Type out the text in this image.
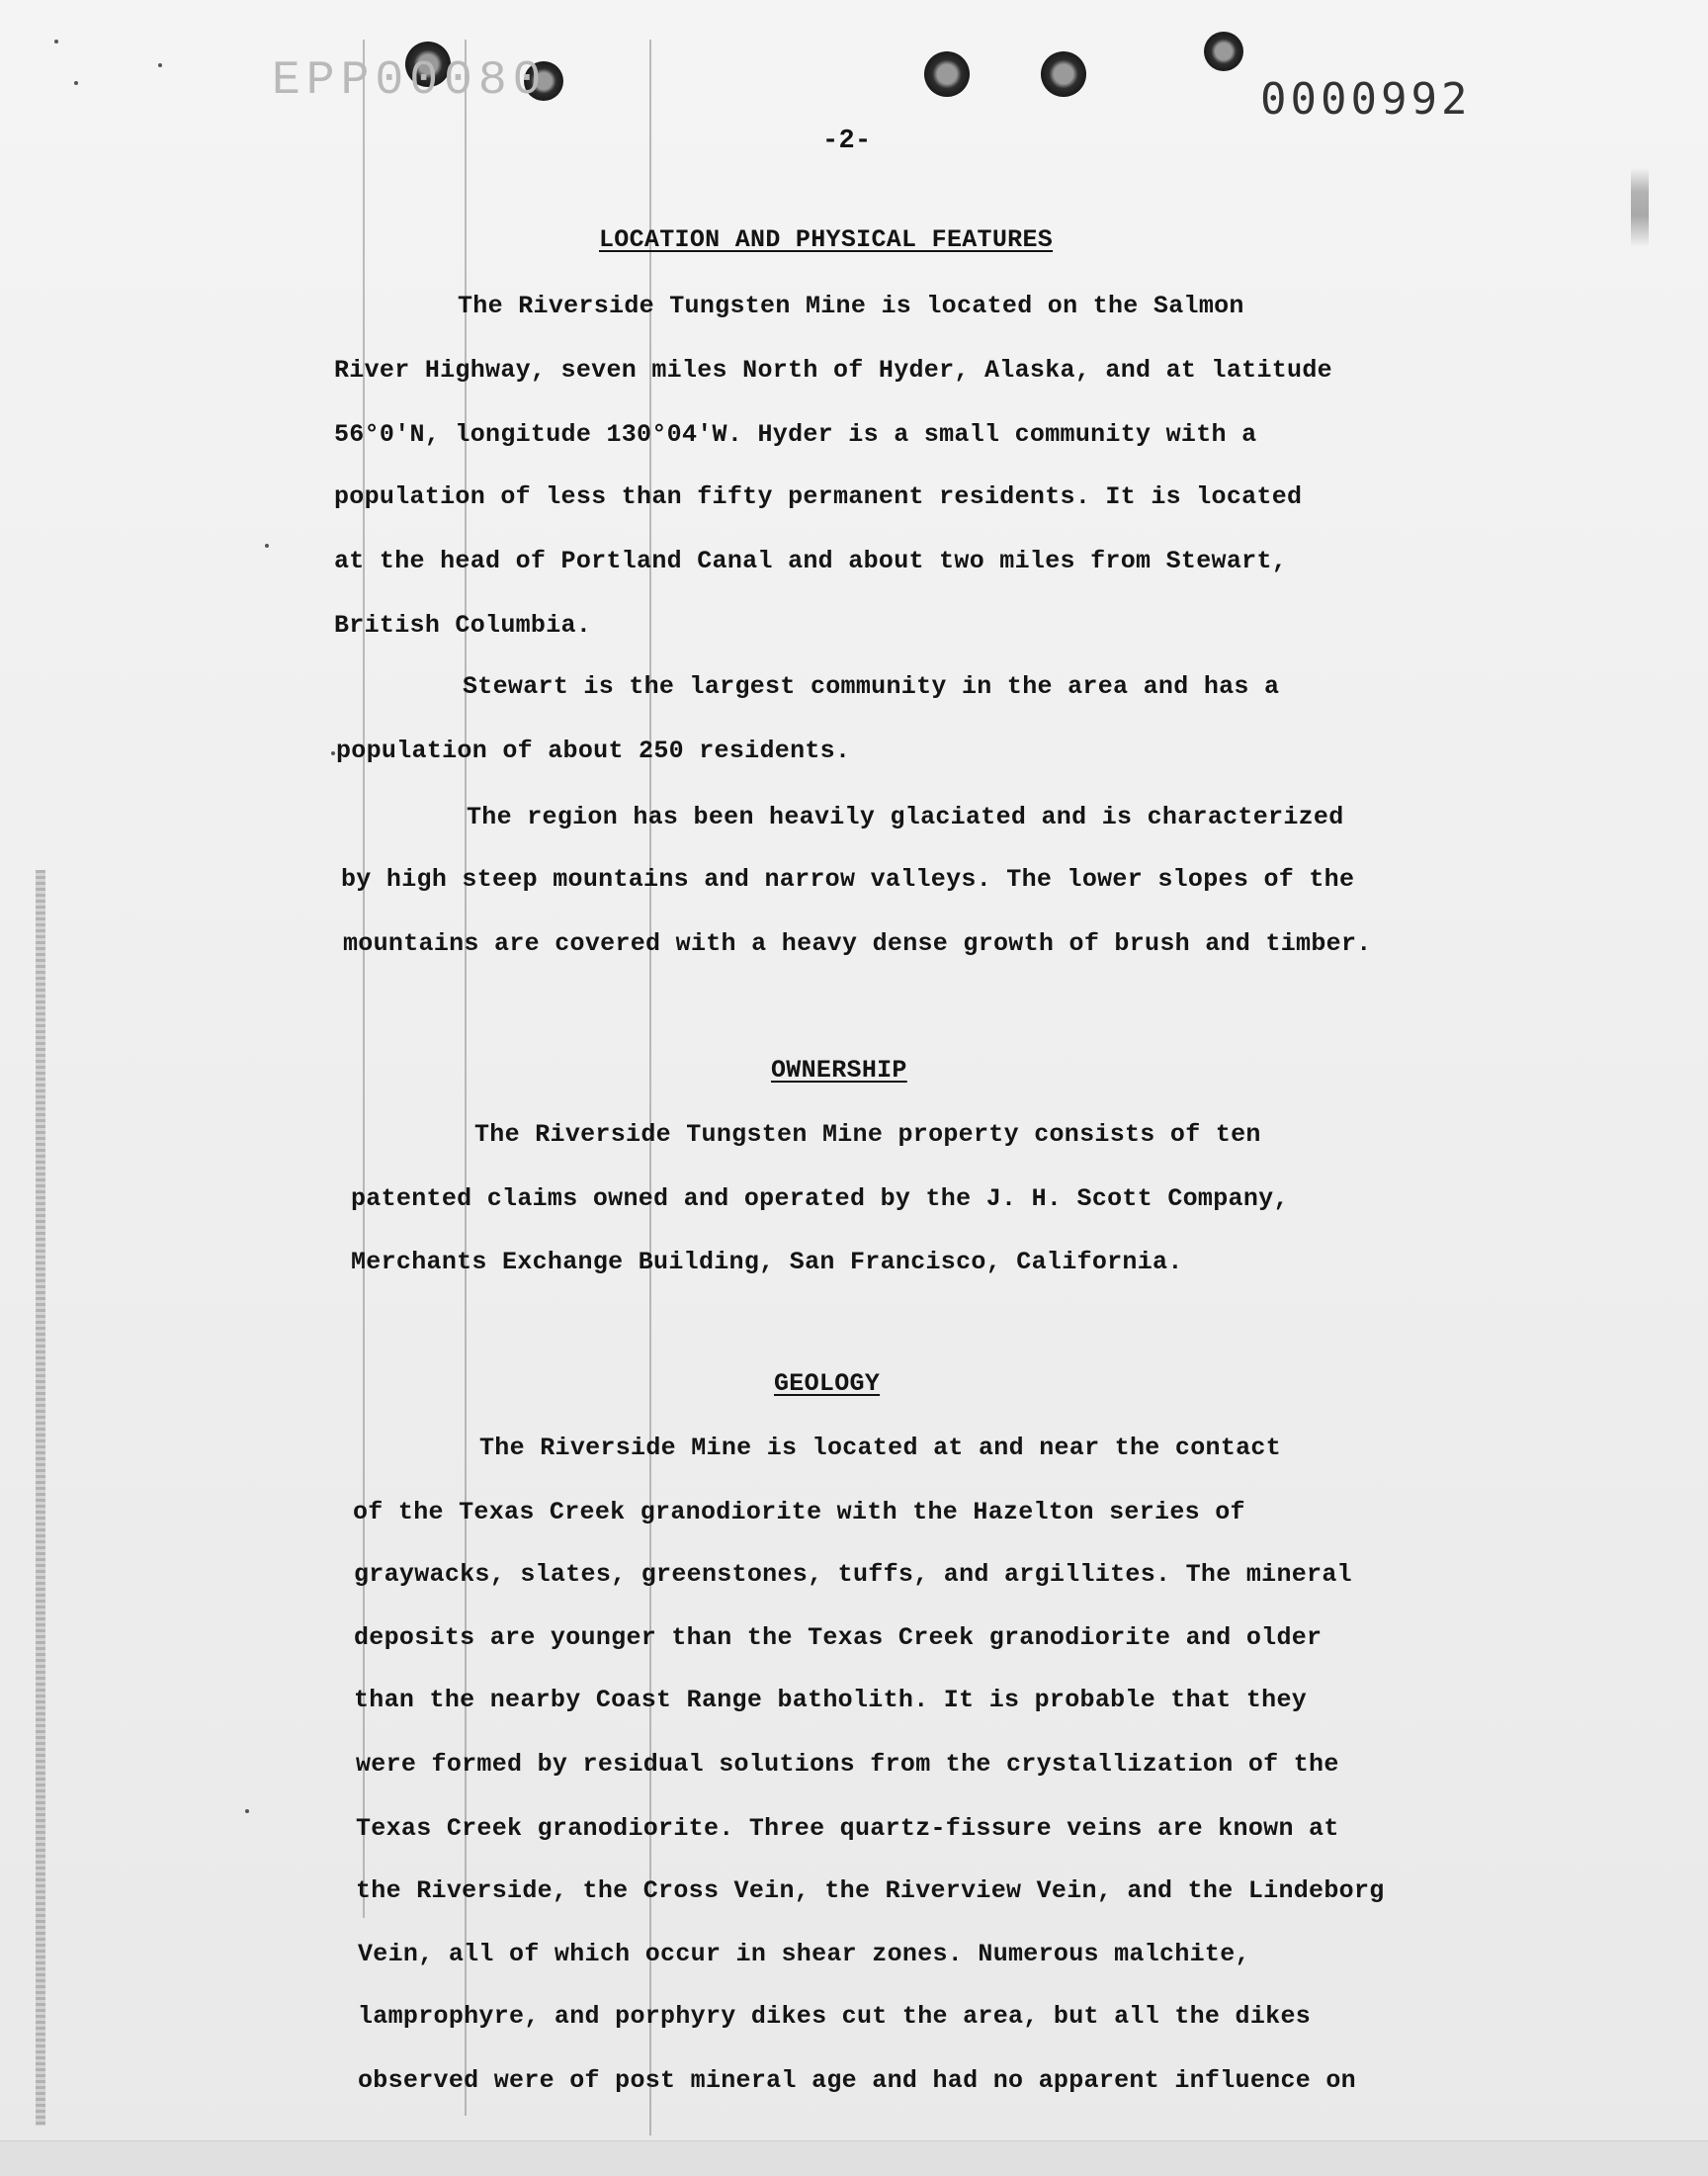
EPP00080	0000992

-2-

LOCATION AND PHYSICAL FEATURES

The Riverside Tungsten Mine is located on the Salmon

River Highway, seven miles North of Hyder, Alaska, and at latitude

56°0'N, longitude 130°04'W. Hyder is a small community with a

population of less than fifty permanent residents. It is located

at the head of Portland Canal and about two miles from Stewart,

British Columbia.

Stewart is the largest community in the area and has a

population of about 250 residents.

The region has been heavily glaciated and is characterized

by high steep mountains and narrow valleys. The lower slopes of the

mountains are covered with a heavy dense growth of brush and timber.

OWNERSHIP

The Riverside Tungsten Mine property consists of ten

patented claims owned and operated by the J. H. Scott Company,

Merchants Exchange Building, San Francisco, California.

GEOLOGY

The Riverside Mine is located at and near the contact

of the Texas Creek granodiorite with the Hazelton series of

graywacks, slates, greenstones, tuffs, and argillites. The mineral

deposits are younger than the Texas Creek granodiorite and older

than the nearby Coast Range batholith. It is probable that they

were formed by residual solutions from the crystallization of the

Texas Creek granodiorite. Three quartz-fissure veins are known at

the Riverside, the Cross Vein, the Riverview Vein, and the Lindeborg

Vein, all of which occur in shear zones. Numerous malchite,

lamprophyre, and porphyry dikes cut the area, but all the dikes

observed were of post mineral age and had no apparent influence on
